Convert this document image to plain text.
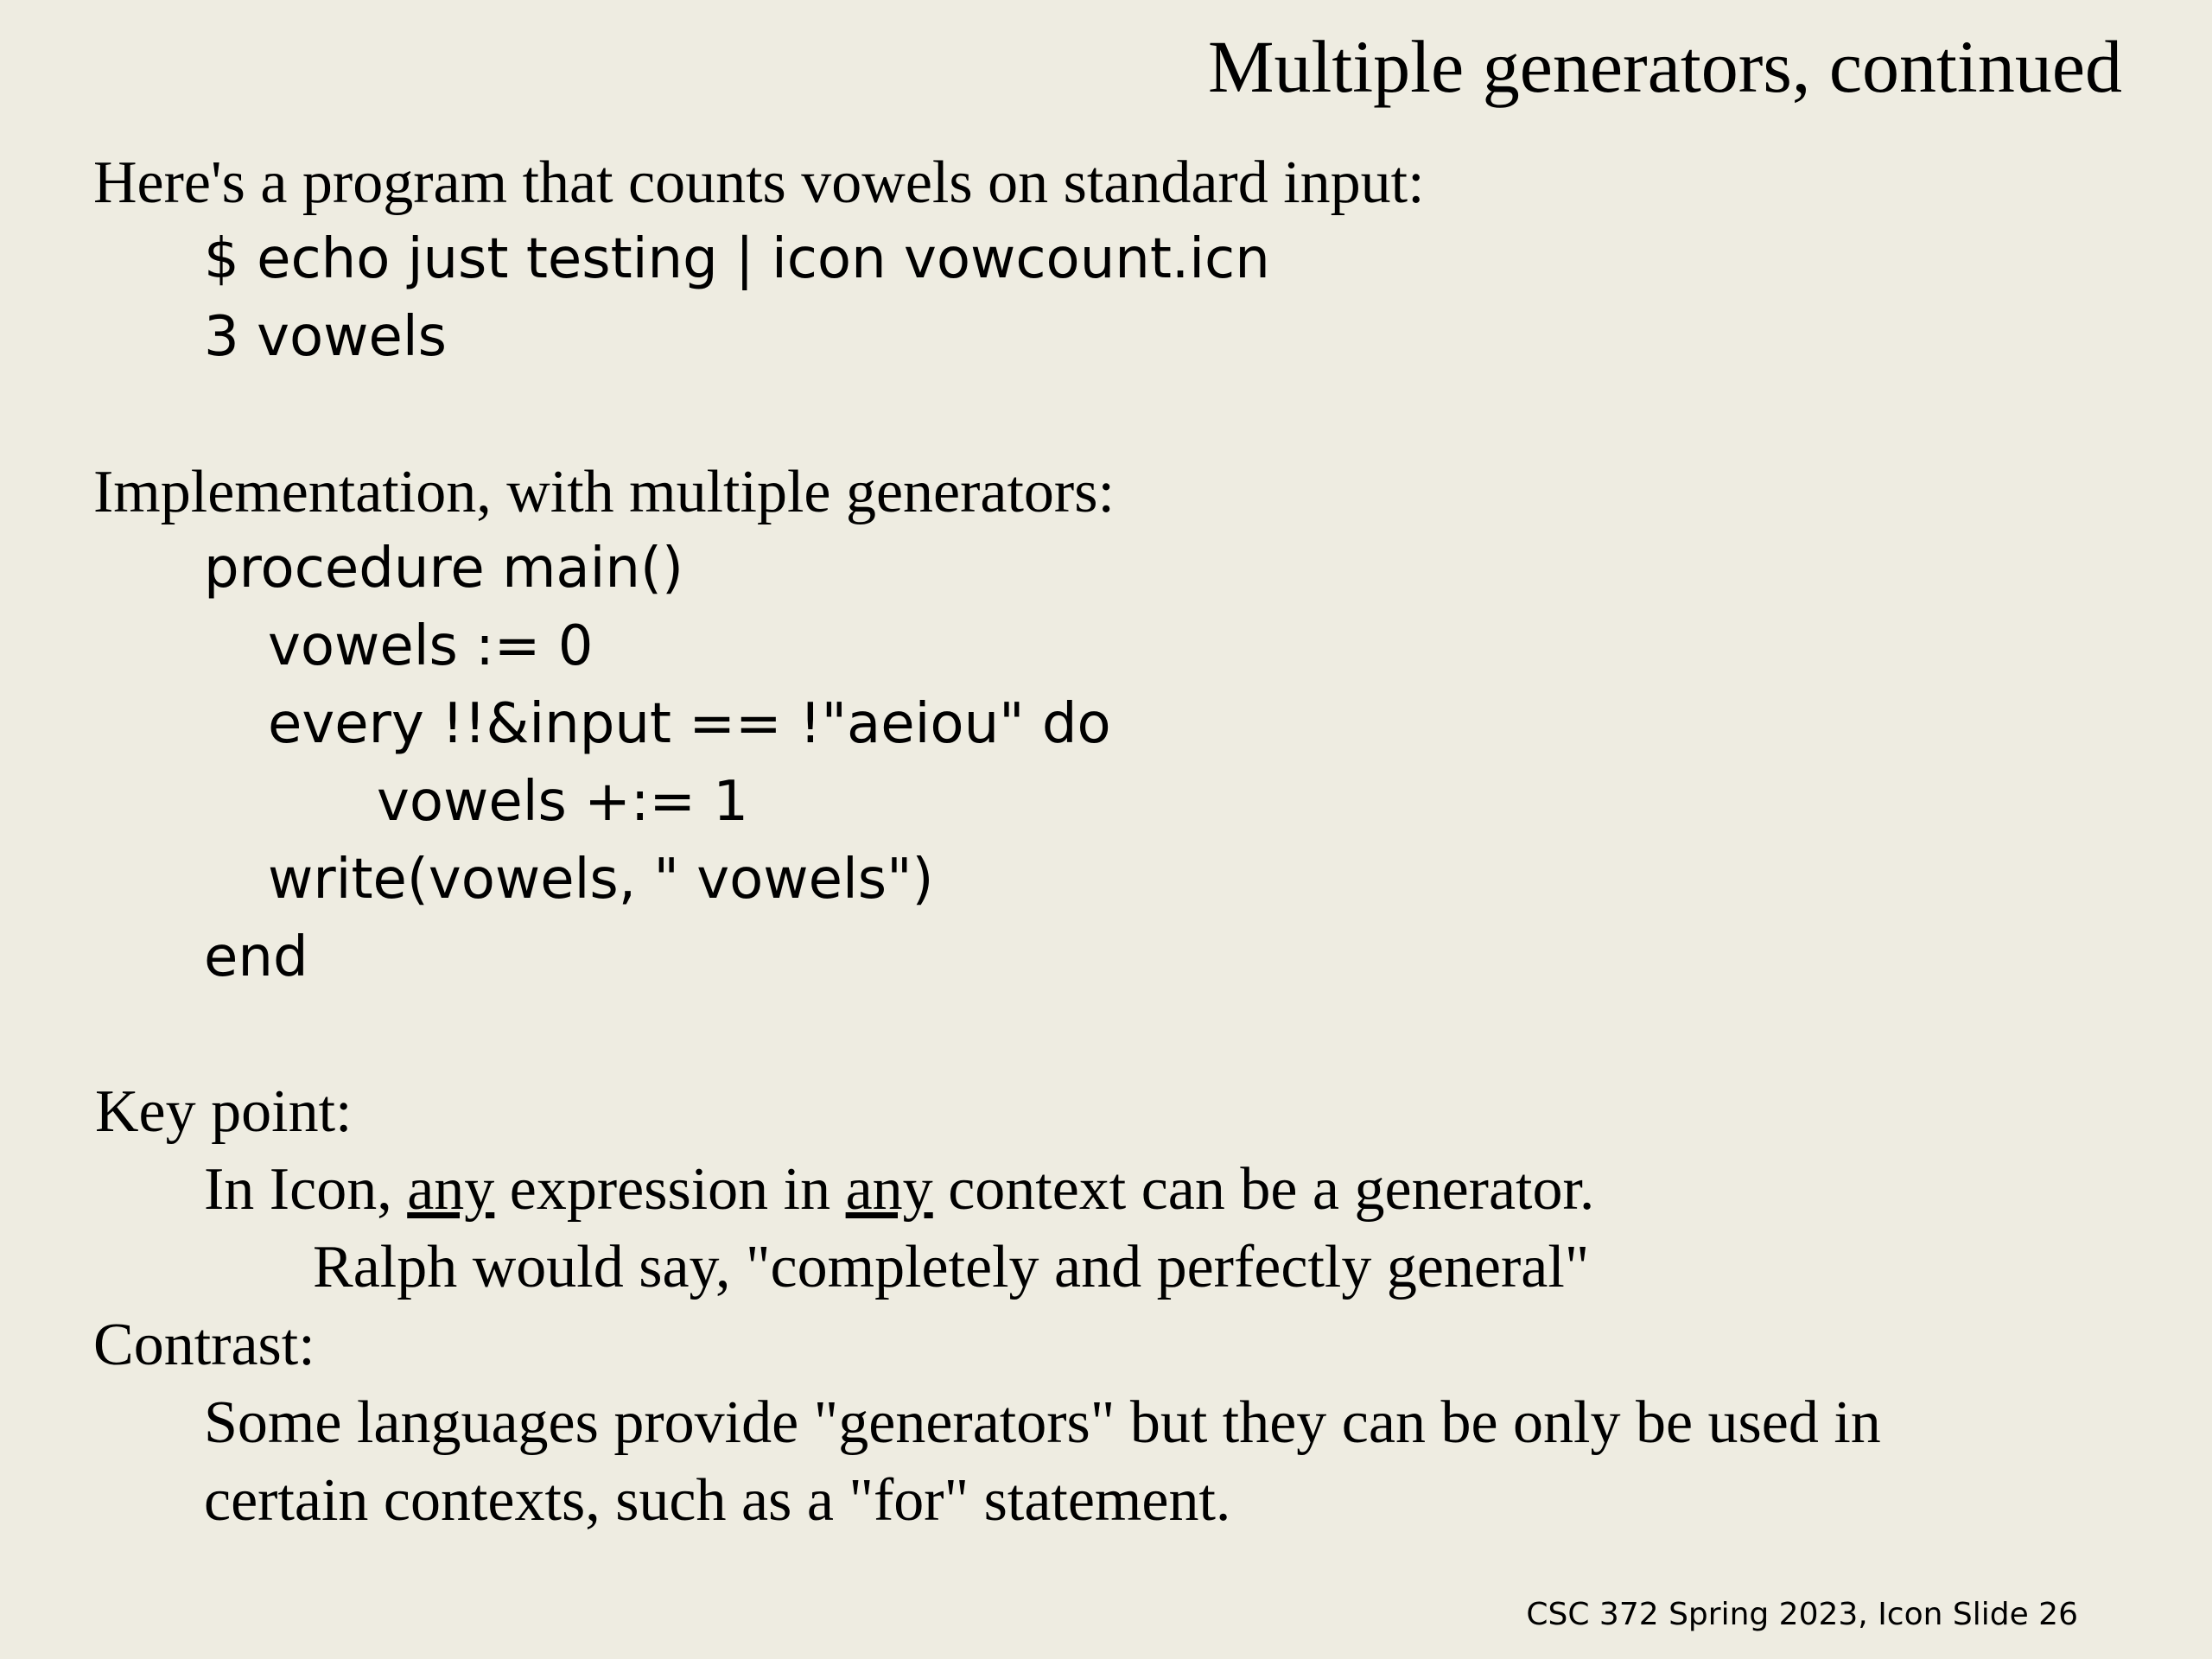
Multiple generators, continued

Here's a program that counts vowels on standard input:

$ echo just testing | icon vowcount.icn

3 vowels

Implementation, with multiple generators:

procedure main()

vowels := 0

every !!&input == !"aeiou" do

vowels +:= 1

write(vowels, " vowels")

end

Key point:

In Icon, any expression in any context can be a generator.

Ralph would say, "completely and perfectly general"

Contrast:

Some languages provide "generators" but they can be only be used in

certain contexts, such as a "for" statement.

CSC 372 Spring 2023, Icon Slide 26
